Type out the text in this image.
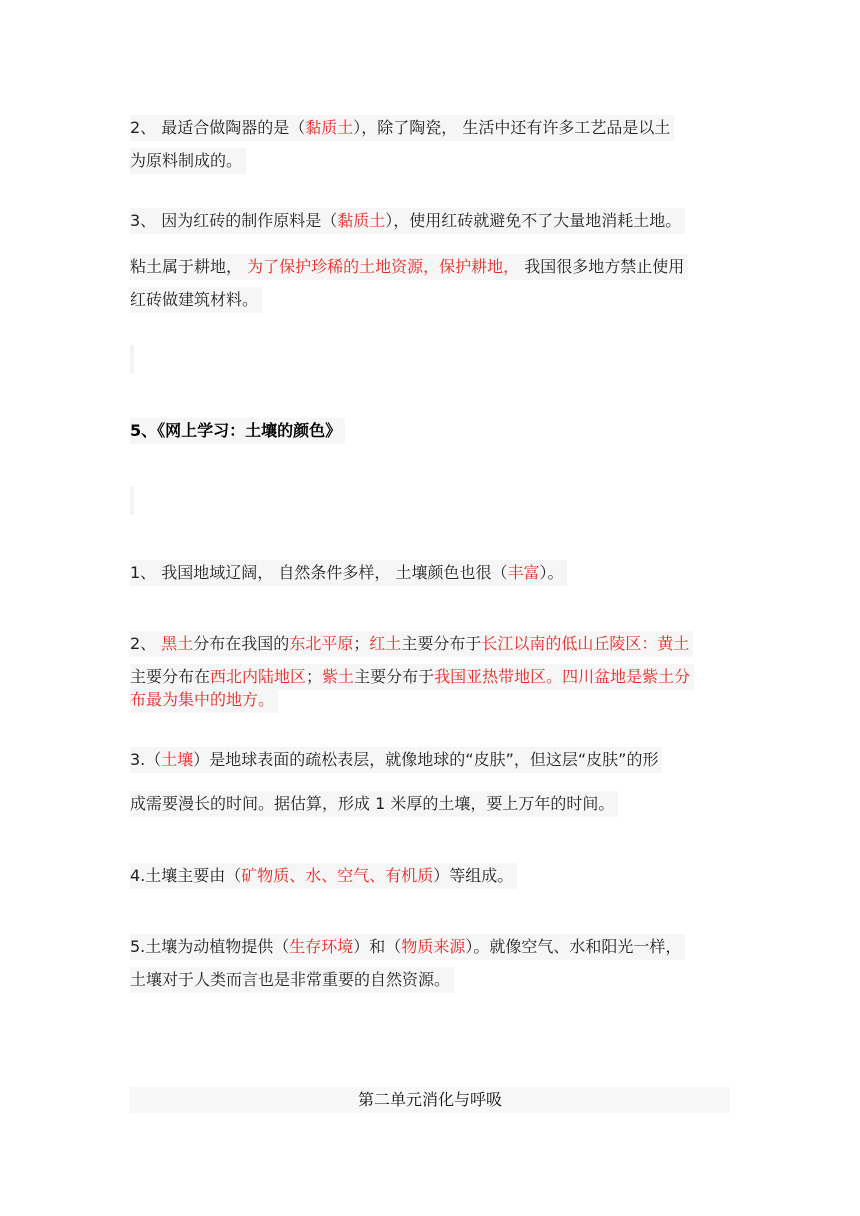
2、 最适合做陶器的是（黏质土），除了陶瓷， 生活中还有许多工艺品是以土
为原料制成的。
3、 因为红砖的制作原料是（黏质土），使用红砖就避免不了大量地消耗土地。
粘土属于耕地， 为了保护珍稀的土地资源，保护耕地， 我国很多地方禁止使用
红砖做建筑材料。
5、《网上学习：土壤的颜色》
1、 我国地域辽阔， 自然条件多样， 土壤颜色也很（丰富）。
2、 黑土分布在我国的东北平原；红土主要分布于长江以南的低山丘陵区：黄土
主要分布在西北内陆地区；紫土主要分布于我国亚热带地区。四川盆地是紫土分
布最为集中的地方。
3.（土壤）是地球表面的疏松表层，就像地球的“皮肤”，但这层“皮肤”的形
成需要漫长的时间。据估算，形成 1 米厚的土壤，要上万年的时间。
4.土壤主要由（矿物质、水、空气、有机质）等组成。
5.土壤为动植物提供（生存环境）和（物质来源）。就像空气、水和阳光一样，
土壤对于人类而言也是非常重要的自然资源。
第二单元消化与呼吸
